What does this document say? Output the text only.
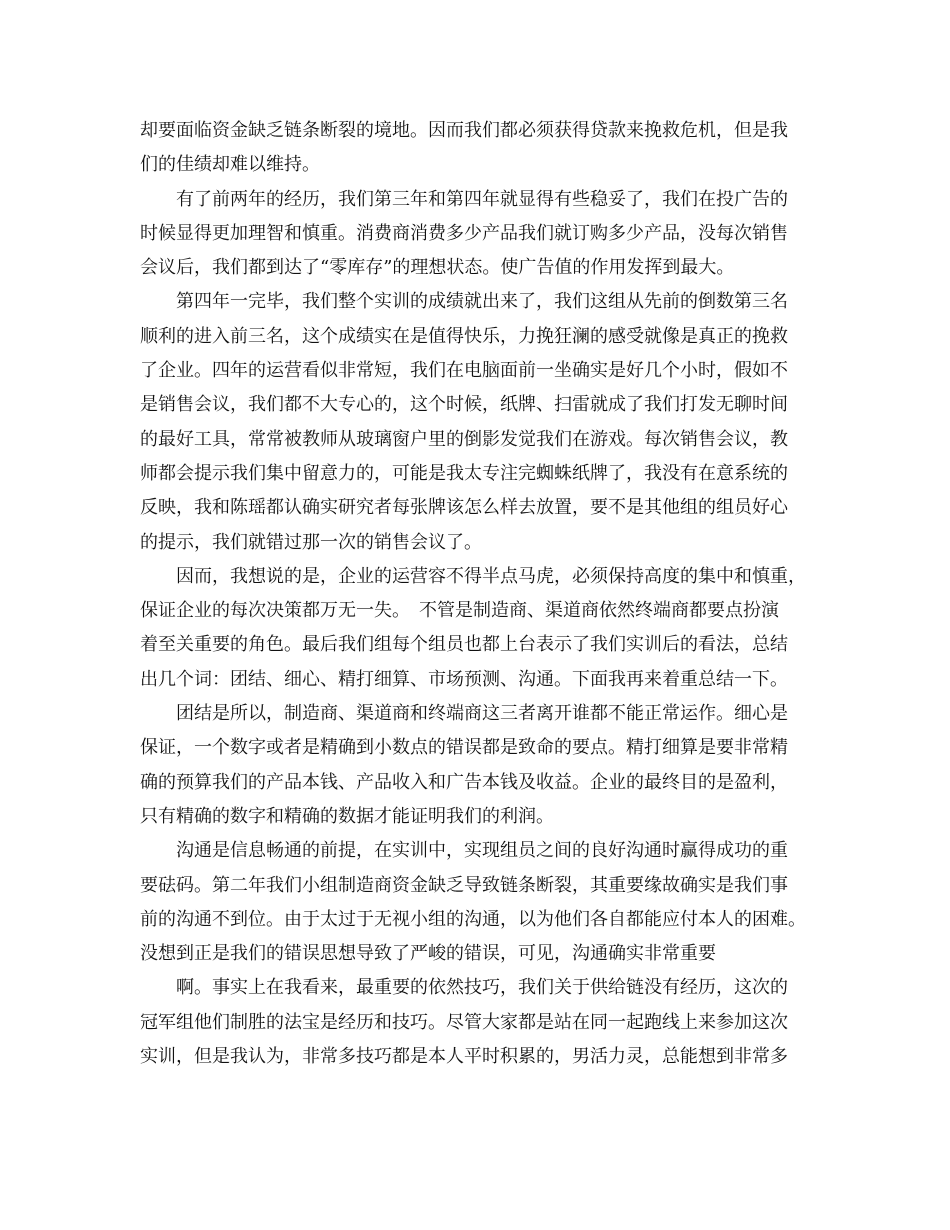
却要面临资金缺乏链条断裂的境地。因而我们都必须获得贷款来挽救危机，但是我
们的佳绩却难以维持。
有了前两年的经历，我们第三年和第四年就显得有些稳妥了，我们在投广告的
时候显得更加理智和慎重。消费商消费多少产品我们就订购多少产品，没每次销售
会议后，我们都到达了“零库存”的理想状态。使广告值的作用发挥到最大。
第四年一完毕，我们整个实训的成绩就出来了，我们这组从先前的倒数第三名
顺利的进入前三名，这个成绩实在是值得快乐，力挽狂澜的感受就像是真正的挽救
了企业。四年的运营看似非常短，我们在电脑面前一坐确实是好几个小时，假如不
是销售会议，我们都不大专心的，这个时候，纸牌、扫雷就成了我们打发无聊时间
的最好工具，常常被教师从玻璃窗户里的倒影发觉我们在游戏。每次销售会议，教
师都会提示我们集中留意力的，可能是我太专注完蜘蛛纸牌了，我没有在意系统的
反映，我和陈瑶都认确实研究者每张牌该怎么样去放置，要不是其他组的组员好心
的提示，我们就错过那一次的销售会议了。
因而，我想说的是，企业的运营容不得半点马虎，必须保持高度的集中和慎重，
保证企业的每次决策都万无一失。　不管是制造商、渠道商依然终端商都要点扮演
着至关重要的角色。最后我们组每个组员也都上台表示了我们实训后的看法，总结
出几个词：团结、细心、精打细算、市场预测、沟通。下面我再来着重总结一下。
团结是所以，制造商、渠道商和终端商这三者离开谁都不能正常运作。细心是
保证，一个数字或者是精确到小数点的错误都是致命的要点。精打细算是要非常精
确的预算我们的产品本钱、产品收入和广告本钱及收益。企业的最终目的是盈利，
只有精确的数字和精确的数据才能证明我们的利润。
沟通是信息畅通的前提，在实训中，实现组员之间的良好沟通时赢得成功的重
要砝码。第二年我们小组制造商资金缺乏导致链条断裂，其重要缘故确实是我们事
前的沟通不到位。由于太过于无视小组的沟通，以为他们各自都能应付本人的困难。
没想到正是我们的错误思想导致了严峻的错误，可见，沟通确实非常重要
啊。事实上在我看来，最重要的依然技巧，我们关于供给链没有经历，这次的
冠军组他们制胜的法宝是经历和技巧。尽管大家都是站在同一起跑线上来参加这次
实训，但是我认为，非常多技巧都是本人平时积累的，男活力灵，总能想到非常多
